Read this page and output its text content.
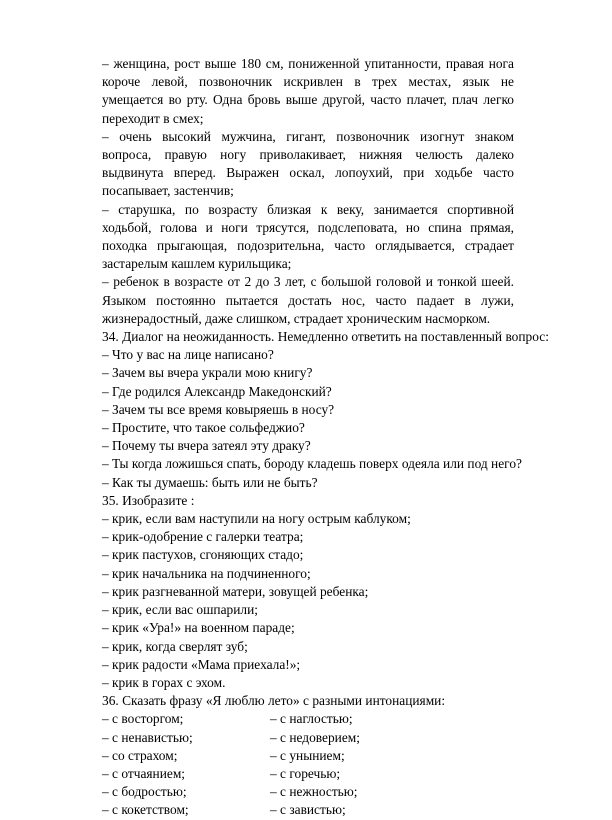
– женщина, рост выше 180 см, пониженной упитанности, правая нога короче левой, позвоночник искривлен в трех местах, язык не умещается во рту. Одна бровь выше другой, часто плачет, плач легко переходит в смех;

– очень высокий мужчина, гигант, позвоночник изогнут знаком вопроса, правую ногу приволакивает, нижняя челюсть далеко выдвинута вперед. Выражен оскал, лопоухий, при ходьбе часто посапывает, застенчив;

– старушка, по возрасту близкая к веку, занимается спортивной ходьбой, голова и ноги трясутся, подслеповата, но спина прямая, походка прыгающая, подозрительна, часто оглядывается, страдает застарелым кашлем курильщика;

– ребенок в возрасте от 2 до 3 лет, с большой головой и тонкой шеей. Языком постоянно пытается достать нос, часто падает в лужи, жизнерадостный, даже слишком, страдает хроническим насморком.

34. Диалог на неожиданность. Немедленно ответить на поставленный вопрос:

– Что у вас на лице написано?

– Зачем вы вчера украли мою книгу?

– Где родился Александр Македонский?

– Зачем ты все время ковыряешь в носу?

– Простите, что такое сольфеджио?

– Почему ты вчера затеял эту драку?

– Ты когда ложишься спать, бороду кладешь поверх одеяла или под него?

– Как ты думаешь: быть или не быть?

35. Изобразите :

– крик, если вам наступили на ногу острым каблуком;

– крик-одобрение с галерки театра;

– крик пастухов, сгоняющих стадо;

– крик начальника на подчиненного;

– крик разгневанной матери, зовущей ребенка;

– крик, если вас ошпарили;

– крик «Ура!» на военном параде;

– крик, когда сверлят зуб;

– крик радости «Мама приехала!»;

– крик в горах с эхом.

36. Сказать фразу «Я люблю лето» с разными интонациями:

– с восторгом;	– с наглостью;
– с ненавистью;	– с недоверием;
– со страхом;	– с унынием;
– с отчаянием;	– с горечью;
– с бодростью;	– с нежностью;
– с кокетством;	– с завистью;
